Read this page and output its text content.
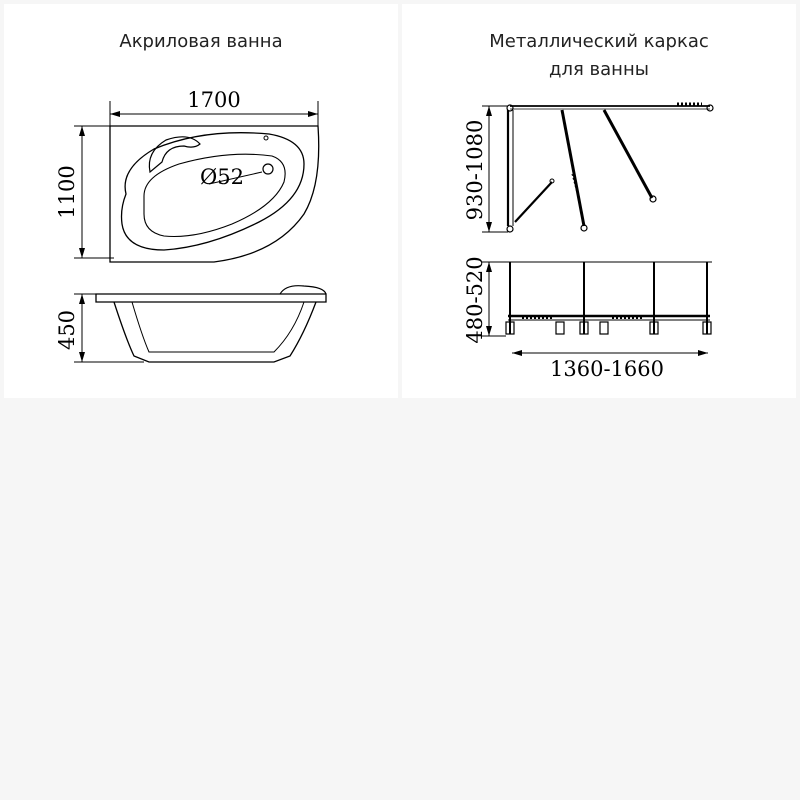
Акриловая ванна
1700
1100	Ø52
450
Металлический каркас
для ванны
930-1080
480-520
1360-1660
